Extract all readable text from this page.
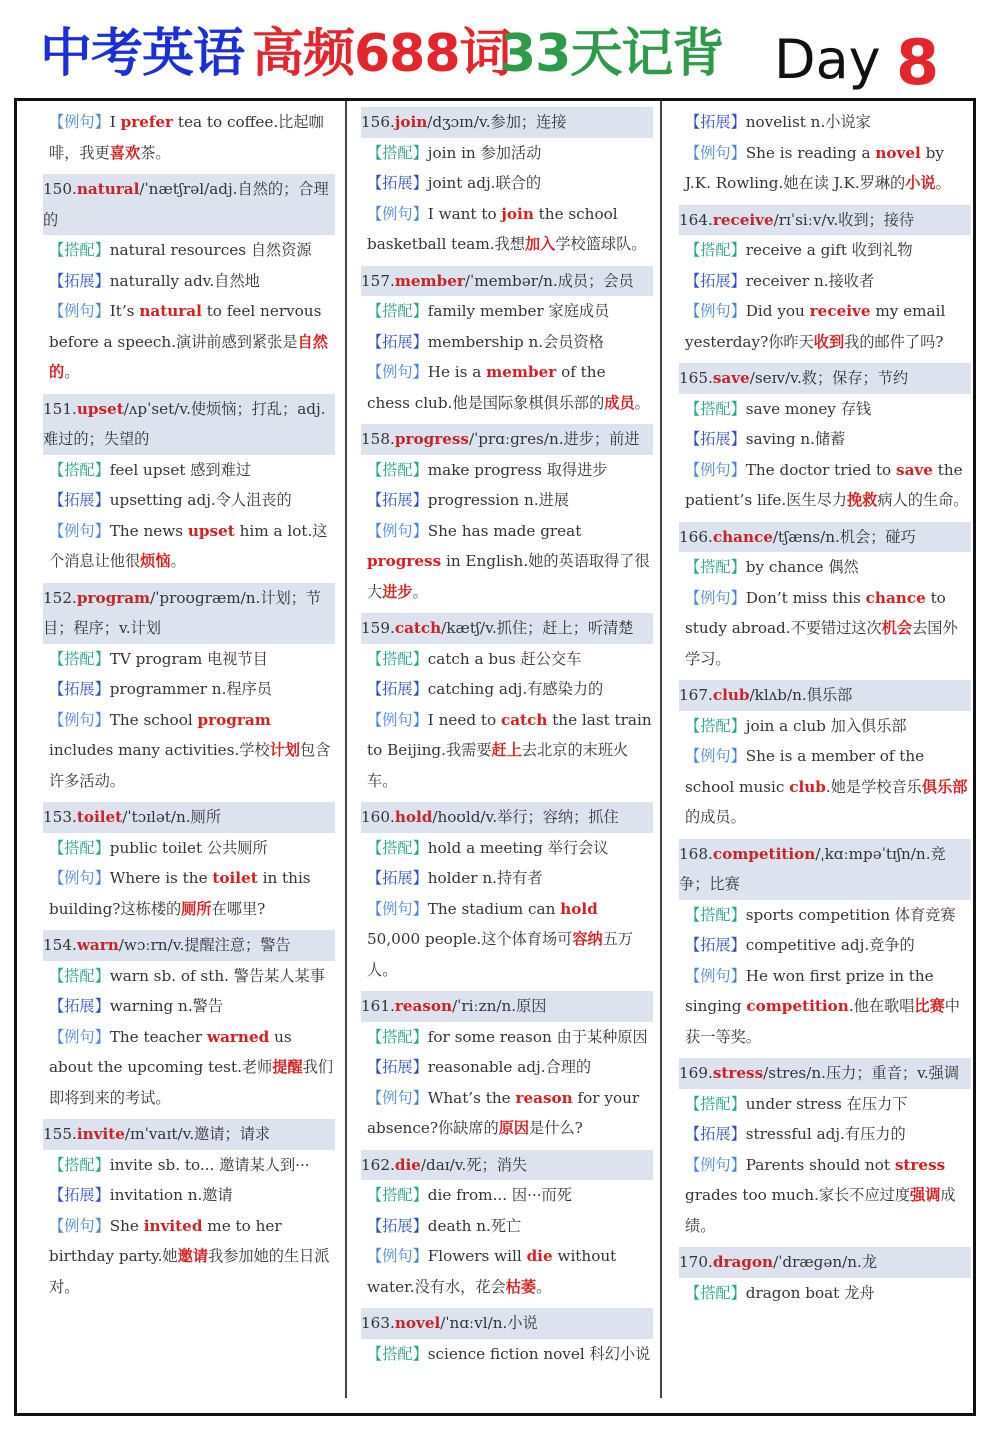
中考英语 高频688词
33天记背 Day 8
【例句】I prefer tea to coffee.比起咖啡，我更喜欢茶。
150.natural/ˈnætʃrəl/adj.自然的；合理的
【搭配】natural resources 自然资源
【拓展】naturally adv.自然地
【例句】It’s natural to feel nervous before a speech.演讲前感到紧张是自然的。
151.upset/ʌpˈset/v.使烦恼；打乱；adj.难过的；失望的
【搭配】feel upset 感到难过
【拓展】upsetting adj.令人沮丧的
【例句】The news upset him a lot.这个消息让他很烦恼。
152.program/ˈproʊɡræm/n.计划；节目；程序；v.计划
【搭配】TV program 电视节目
【拓展】programmer n.程序员
【例句】The school program includes many activities.学校计划包含许多活动。
153.toilet/ˈtɔɪlət/n.厕所
【搭配】public toilet 公共厕所
【例句】Where is the toilet in this building?这栋楼的厕所在哪里?
154.warn/wɔːrn/v.提醒注意；警告
【搭配】warn sb. of sth. 警告某人某事
【拓展】warning n.警告
【例句】The teacher warned us about the upcoming test.老师提醒我们即将到来的考试。
155.invite/ɪnˈvaɪt/v.邀请；请求
【搭配】invite sb. to... 邀请某人到···
【拓展】invitation n.邀请
【例句】She invited me to her birthday party.她邀请我参加她的生日派对。
156.join/dʒɔɪn/v.参加；连接
【搭配】join in 参加活动
【拓展】joint adj.联合的
【例句】I want to join the school basketball team.我想加入学校篮球队。
157.member/ˈmembər/n.成员；会员
【搭配】family member 家庭成员
【拓展】membership n.会员资格
【例句】He is a member of the chess club.他是国际象棋俱乐部的成员。
158.progress/ˈprɑːɡres/n.进步；前进
【搭配】make progress 取得进步
【拓展】progression n.进展
【例句】She has made great progress in English.她的英语取得了很大进步。
159.catch/kætʃ/v.抓住；赶上；听清楚
【搭配】catch a bus 赶公交车
【拓展】catching adj.有感染力的
【例句】I need to catch the last train to Beijing.我需要赶上去北京的末班火车。
160.hold/hoʊld/v.举行；容纳；抓住
【搭配】hold a meeting 举行会议
【拓展】holder n.持有者
【例句】The stadium can hold 50,000 people.这个体育场可容纳五万人。
161.reason/ˈriːzn/n.原因
【搭配】for some reason 由于某种原因
【拓展】reasonable adj.合理的
【例句】What’s the reason for your absence?你缺席的原因是什么?
162.die/daɪ/v.死；消失
【搭配】die from... 因···而死
【拓展】death n.死亡
【例句】Flowers will die without water.没有水，花会枯萎。
163.novel/ˈnɑːvl/n.小说
【搭配】science fiction novel 科幻小说
【拓展】novelist n.小说家
【例句】She is reading a novel by J.K. Rowling.她在读 J.K.罗琳的小说。
164.receive/rɪˈsiːv/v.收到；接待
【搭配】receive a gift 收到礼物
【拓展】receiver n.接收者
【例句】Did you receive my email yesterday?你昨天收到我的邮件了吗?
165.save/seɪv/v.救；保存；节约
【搭配】save money 存钱
【拓展】saving n.储蓄
【例句】The doctor tried to save the patient’s life.医生尽力挽救病人的生命。
166.chance/tʃæns/n.机会；碰巧
【搭配】by chance 偶然
【例句】Don’t miss this chance to study abroad.不要错过这次机会去国外学习。
167.club/klʌb/n.俱乐部
【搭配】join a club 加入俱乐部
【例句】She is a member of the school music club.她是学校音乐俱乐部的成员。
168.competition/ˌkɑːmpəˈtɪʃn/n.竞争；比赛
【搭配】sports competition 体育竞赛
【拓展】competitive adj.竞争的
【例句】He won first prize in the singing competition.他在歌唱比赛中获一等奖。
169.stress/stres/n.压力；重音；v.强调
【搭配】under stress 在压力下
【拓展】stressful adj.有压力的
【例句】Parents should not stress grades too much.家长不应过度强调成绩。
170.dragon/ˈdræɡən/n.龙
【搭配】dragon boat 龙舟
